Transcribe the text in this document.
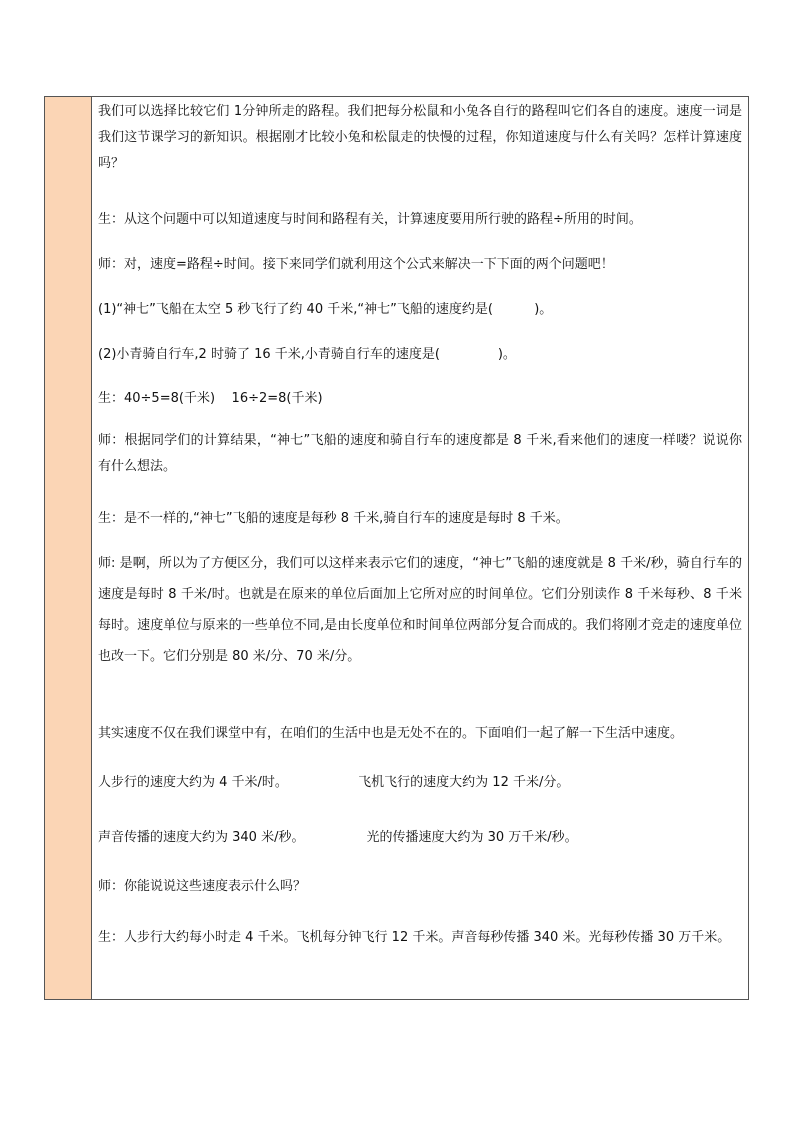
我们可以选择比较它们 1分钟所走的路程。我们把每分松鼠和小兔各自行的路程叫它们各自的速度。速度一词是我们这节课学习的新知识。根据刚才比较小兔和松鼠走的快慢的过程，你知道速度与什么有关吗？怎样计算速度吗？

生：从这个问题中可以知道速度与时间和路程有关，计算速度要用所行驶的路程÷所用的时间。

师：对，速度=路程÷时间。接下来同学们就利用这个公式来解决一下下面的两个问题吧！

(1)“神七”飞船在太空 5 秒飞行了约 40 千米,“神七”飞船的速度约是(          )。

(2)小青骑自行车,2 时骑了 16 千米,小青骑自行车的速度是(              )。

生：40÷5=8(千米)    16÷2=8(千米)

师：根据同学们的计算结果，“神七”飞船的速度和骑自行车的速度都是 8 千米,看来他们的速度一样喽？说说你有什么想法。

生：是不一样的,“神七”飞船的速度是每秒 8 千米,骑自行车的速度是每时 8 千米。

师: 是啊，所以为了方便区分，我们可以这样来表示它们的速度，“神七”飞船的速度就是 8 千米/秒，骑自行车的速度是每时 8 千米/时。也就是在原来的单位后面加上它所对应的时间单位。它们分别读作 8 千米每秒、8 千米每时。速度单位与原来的一些单位不同,是由长度单位和时间单位两部分复合而成的。我们将刚才竞走的速度单位也改一下。它们分别是 80 米/分、70 米/分。

其实速度不仅在我们课堂中有，在咱们的生活中也是无处不在的。下面咱们一起了解一下生活中速度。

人步行的速度大约为 4 千米/时。                 飞机飞行的速度大约为 12 千米/分。

声音传播的速度大约为 340 米/秒。               光的传播速度大约为 30 万千米/秒。

师：你能说说这些速度表示什么吗？

生：人步行大约每小时走 4 千米。飞机每分钟飞行 12 千米。声音每秒传播 340 米。光每秒传播 30 万千米。
